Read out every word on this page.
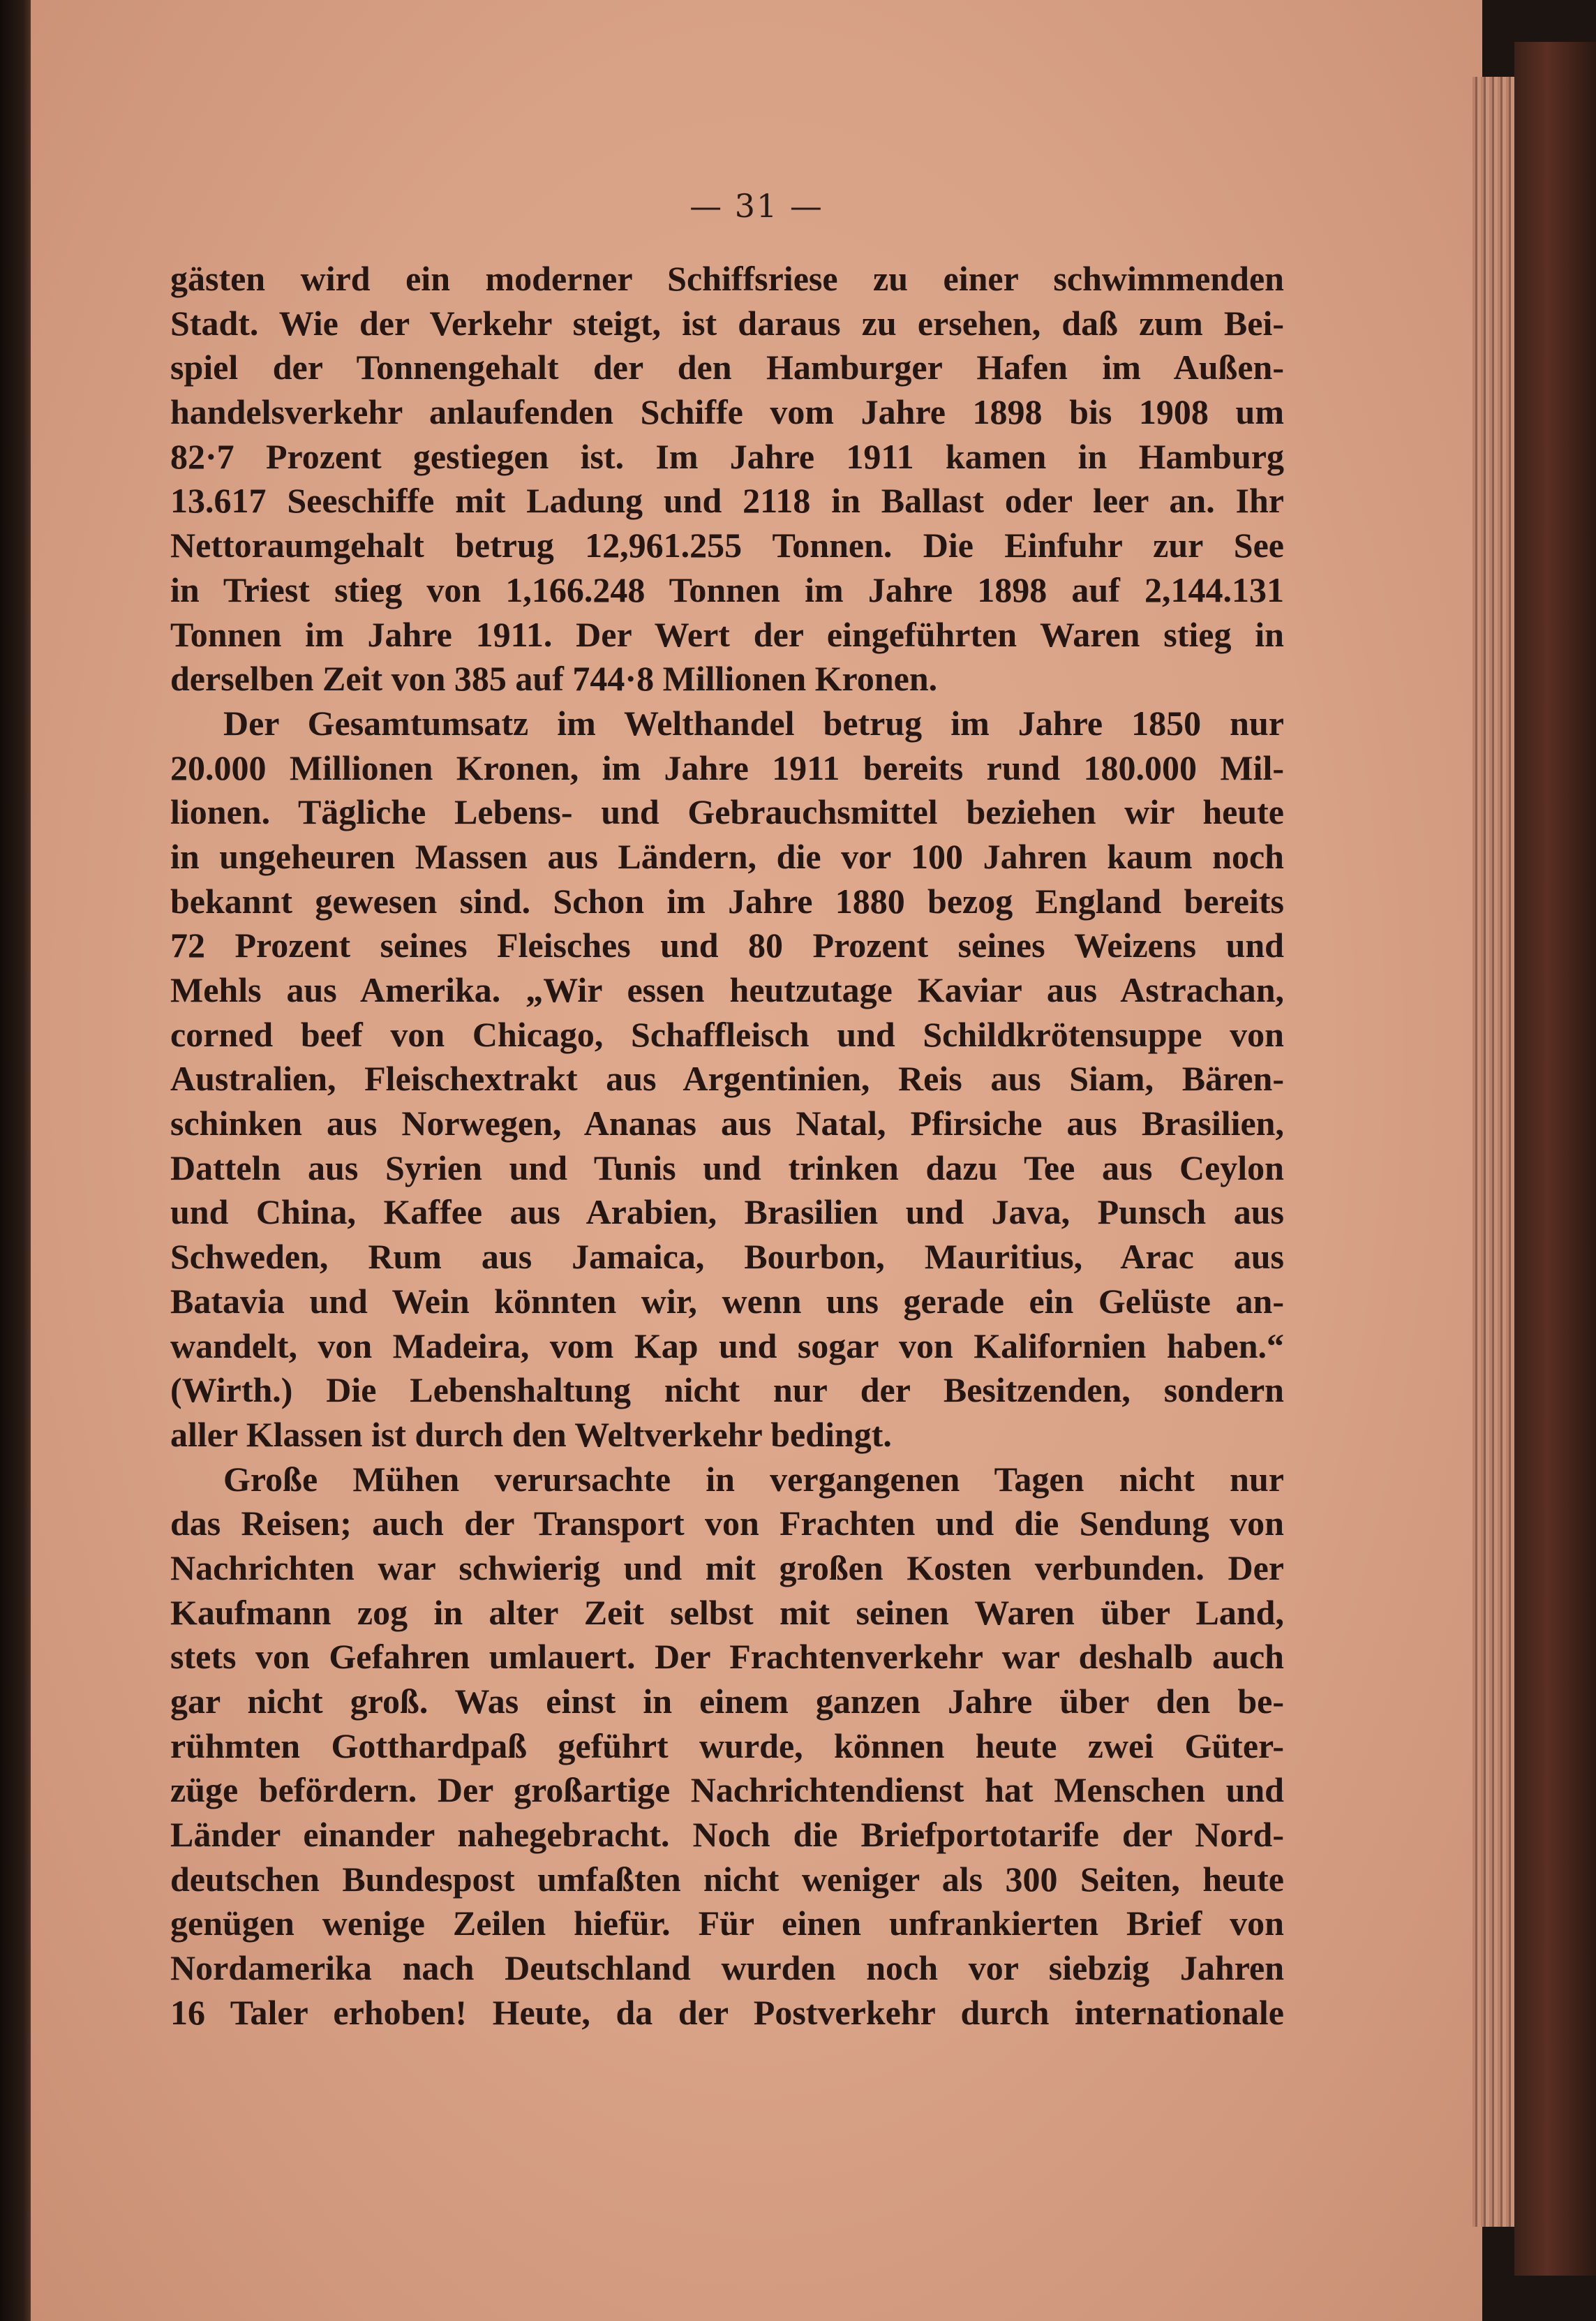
— 31 —
gästen wird ein moderner Schiffsriese zu einer schwimmenden
Stadt. Wie der Verkehr steigt, ist daraus zu ersehen, daß zum Bei-
spiel der Tonnengehalt der den Hamburger Hafen im Außen-
handelsverkehr anlaufenden Schiffe vom Jahre 1898 bis 1908 um
82·7 Prozent gestiegen ist. Im Jahre 1911 kamen in Hamburg
13.617 Seeschiffe mit Ladung und 2118 in Ballast oder leer an. Ihr
Nettoraumgehalt betrug 12,961.255 Tonnen. Die Einfuhr zur See
in Triest stieg von 1,166.248 Tonnen im Jahre 1898 auf 2,144.131
Tonnen im Jahre 1911. Der Wert der eingeführten Waren stieg in
derselben Zeit von 385 auf 744·8 Millionen Kronen.
Der Gesamtumsatz im Welthandel betrug im Jahre 1850 nur
20.000 Millionen Kronen, im Jahre 1911 bereits rund 180.000 Mil-
lionen. Tägliche Lebens- und Gebrauchsmittel beziehen wir heute
in ungeheuren Massen aus Ländern, die vor 100 Jahren kaum noch
bekannt gewesen sind. Schon im Jahre 1880 bezog England bereits
72 Prozent seines Fleisches und 80 Prozent seines Weizens und
Mehls aus Amerika. „Wir essen heutzutage Kaviar aus Astrachan,
corned beef von Chicago, Schaffleisch und Schildkrötensuppe von
Australien, Fleischextrakt aus Argentinien, Reis aus Siam, Bären-
schinken aus Norwegen, Ananas aus Natal, Pfirsiche aus Brasilien,
Datteln aus Syrien und Tunis und trinken dazu Tee aus Ceylon
und China, Kaffee aus Arabien, Brasilien und Java, Punsch aus
Schweden, Rum aus Jamaica, Bourbon, Mauritius, Arac aus
Batavia und Wein könnten wir, wenn uns gerade ein Gelüste an-
wandelt, von Madeira, vom Kap und sogar von Kalifornien haben.“
(Wirth.) Die Lebenshaltung nicht nur der Besitzenden, sondern
aller Klassen ist durch den Weltverkehr bedingt.
Große Mühen verursachte in vergangenen Tagen nicht nur
das Reisen; auch der Transport von Frachten und die Sendung von
Nachrichten war schwierig und mit großen Kosten verbunden. Der
Kaufmann zog in alter Zeit selbst mit seinen Waren über Land,
stets von Gefahren umlauert. Der Frachtenverkehr war deshalb auch
gar nicht groß. Was einst in einem ganzen Jahre über den be-
rühmten Gotthardpaß geführt wurde, können heute zwei Güter-
züge befördern. Der großartige Nachrichtendienst hat Menschen und
Länder einander nahegebracht. Noch die Briefportotarife der Nord-
deutschen Bundespost umfaßten nicht weniger als 300 Seiten, heute
genügen wenige Zeilen hiefür. Für einen unfrankierten Brief von
Nordamerika nach Deutschland wurden noch vor siebzig Jahren
16 Taler erhoben! Heute, da der Postverkehr durch internationale
